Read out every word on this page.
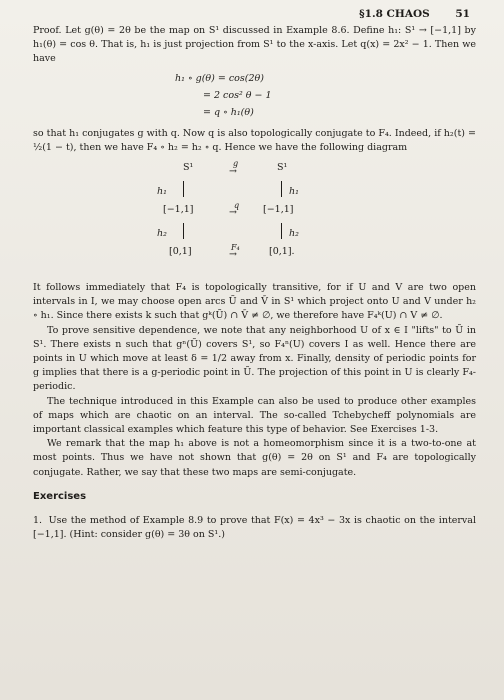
§1.8 CHAOS 51

Proof. Let g(θ) = 2θ be the map on S¹ discussed in Example 8.6. Define h₁: S¹ → [−1,1] by h₁(θ) = cos θ. That is, h₁ is just projection from S¹ to the x-axis. Let q(x) = 2x² − 1. Then we have

h₁ ∘ g(θ) = cos(2θ)
= 2 cos² θ − 1
= q ∘ h₁(θ)

so that h₁ conjugates g with q. Now q is also topologically conjugate to F₄. Indeed, if h₂(t) = ½(1 − t), then we have F₄ ∘ h₂ = h₂ ∘ q. Hence we have the following diagram

S¹	g
→	S¹
h₁	h₁
[−1,1]	q
→	[−1,1]
h₂	h₂
[0,1]	F₄
→	[0,1].

It follows immediately that F₄ is topologically transitive, for if U and V are two open intervals in I, we may choose open arcs Ũ and Ṽ in S¹ which project onto U and V under h₂ ∘ h₁. Since there exists k such that gᵏ(Ũ) ∩ Ṽ ≠ ∅, we therefore have F₄ᵏ(U) ∩ V ≠ ∅.

To prove sensitive dependence, we note that any neighborhood U of x ∈ I "lifts" to Ũ in S¹. There exists n such that gⁿ(Ũ) covers S¹, so F₄ⁿ(U) covers I as well. Hence there are points in U which move at least δ = 1/2 away from x. Finally, density of periodic points for g implies that there is a g-periodic point in Ũ. The projection of this point in U is clearly F₄-periodic.

The technique introduced in this Example can also be used to produce other examples of maps which are chaotic on an interval. The so-called Tchebycheff polynomials are important classical examples which feature this type of behavior. See Exercises 1-3.

We remark that the map h₁ above is not a homeomorphism since it is a two-to-one at most points. Thus we have not shown that g(θ) = 2θ on S¹ and F₄ are topologically conjugate. Rather, we say that these two maps are semi-conjugate.

Exercises
1. Use the method of Example 8.9 to prove that F(x) = 4x³ − 3x is chaotic on the interval [−1,1]. (Hint: consider g(θ) = 3θ on S¹.)
